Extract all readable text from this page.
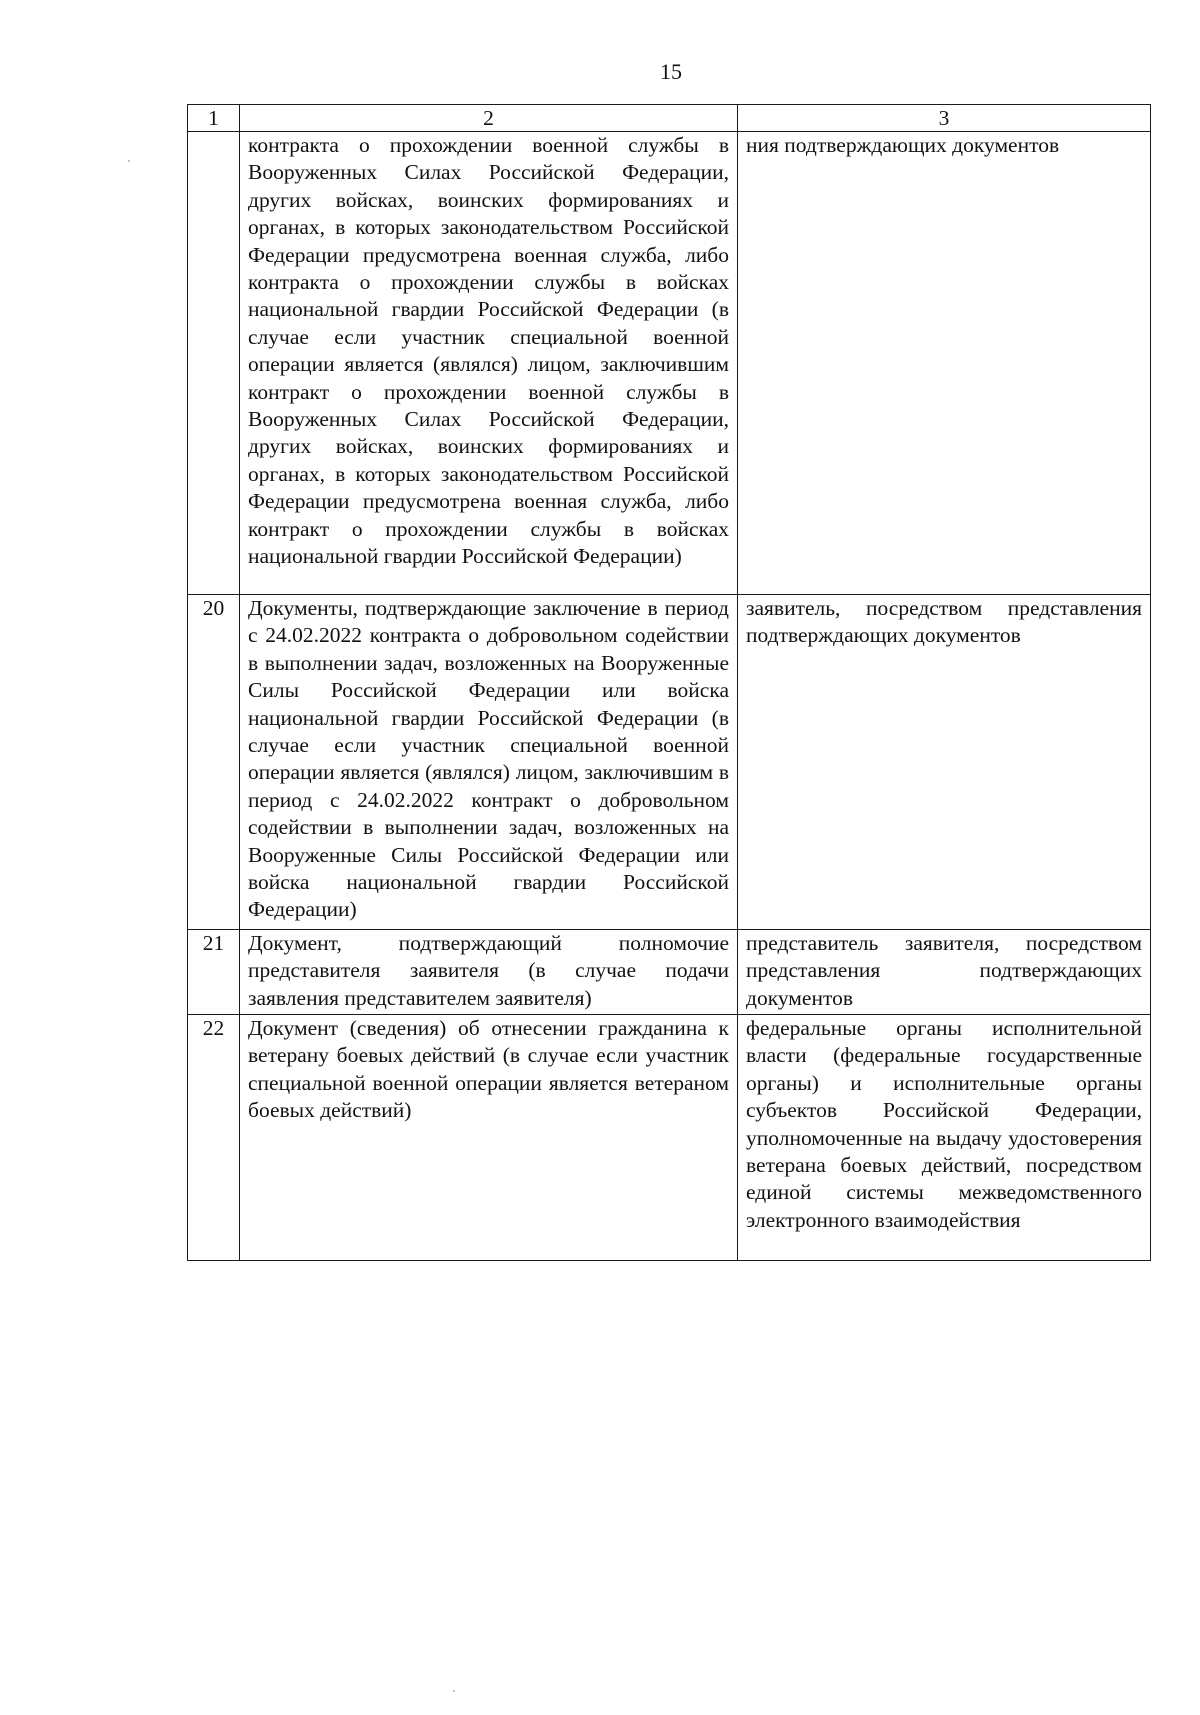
15
1	2	3
	контракта о прохождении военной службы в Вооруженных Силах Российской Федерации, других войсках, воинских формированиях и органах, в которых законодательством Российской Федерации предусмотрена военная служба, либо контракта о прохождении службы в войсках национальной гвардии Российской Федерации (в случае если участник специальной военной операции является (являлся) лицом, заключившим контракт о прохождении военной службы в Вооруженных Силах Российской Федерации, других войсках, воинских формированиях и органах, в которых законодательством Российской Федерации предусмотрена военная служба, либо контракт о прохождении службы в войсках национальной гвардии Российской Федерации)	ния подтверждающих документов
20	Документы, подтверждающие заключение в период с 24.02.2022 контракта о добровольном содействии в выполнении задач, возложенных на Вооруженные Силы Российской Федерации или войска национальной гвардии Российской Федерации (в случае если участник специальной военной операции является (являлся) лицом, заключившим в период с 24.02.2022 контракт о добровольном содействии в выполнении задач, возложенных на Вооруженные Силы Российской Федерации или войска национальной гвардии Российской Федерации)	заявитель, посредством представления подтверждающих документов
21	Документ, подтверждающий полномочие представителя заявителя (в случае подачи заявления представителем заявителя)	представитель заявителя, посредством представления подтверждающих документов
22	Документ (сведения) об отнесении гражданина к ветерану боевых действий (в случае если участник специальной военной операции является ветераном боевых действий)	федеральные органы исполнительной власти (федеральные государственные органы) и исполнительные органы субъектов Российской Федерации, уполномоченные на выдачу удостоверения ветерана боевых действий, посредством единой системы межведомственного электронного взаимодействия
